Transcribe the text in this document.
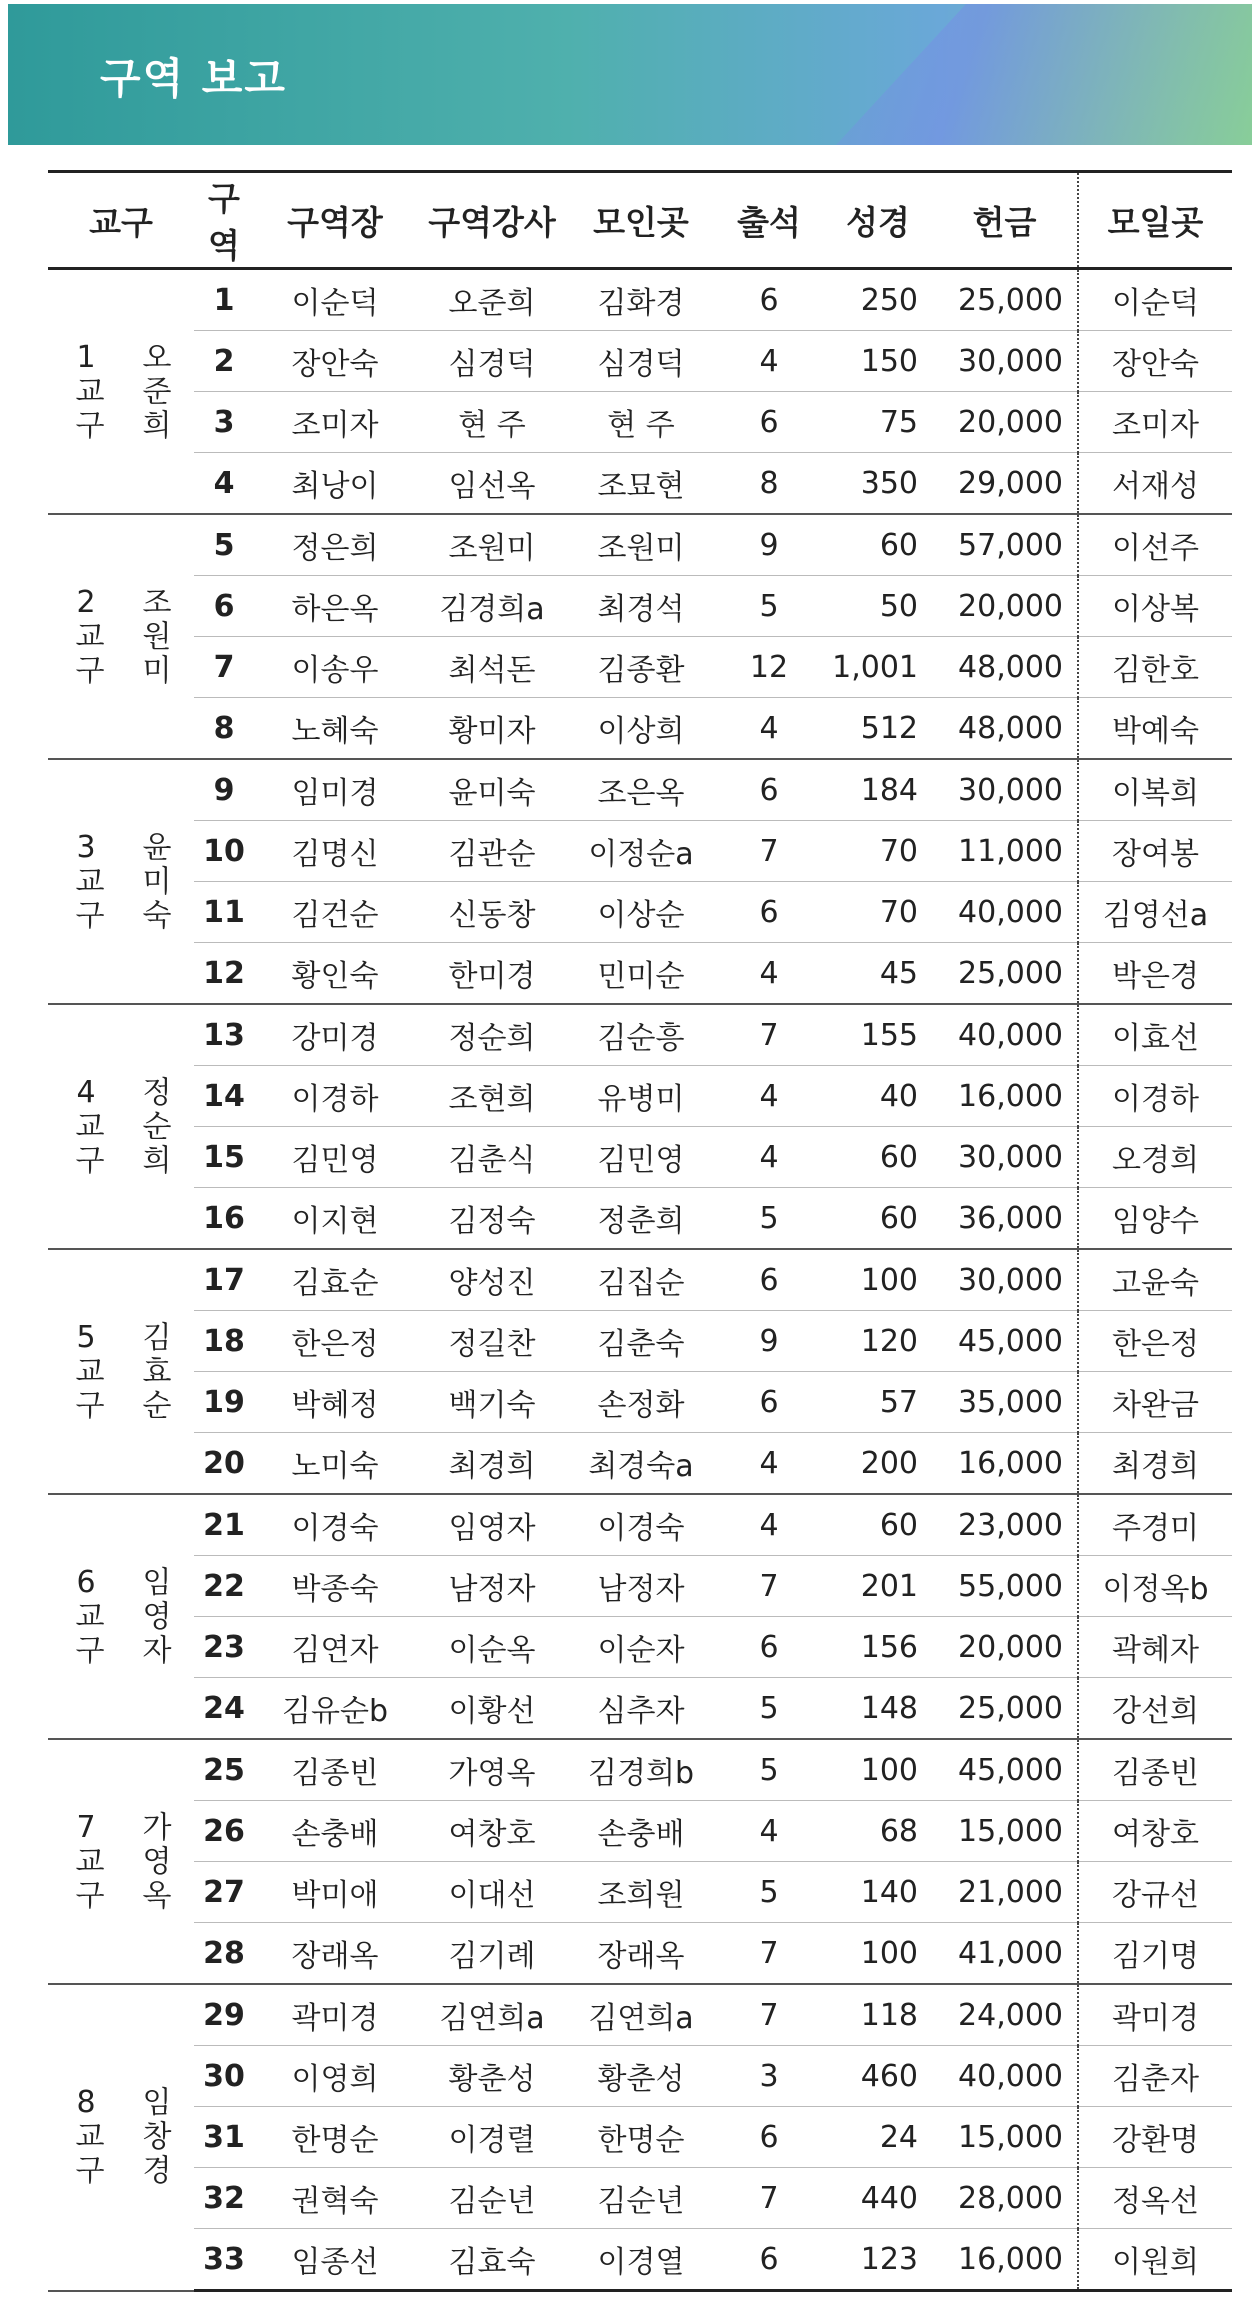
구역 보고
교구	구역	구역장	구역강사	모인곳	출석	성경	헌금	모일곳

1
교구 오준희	1	이순덕	오준희	김화경	6	250	25,000	이순덕
	2	장안숙	심경덕	심경덕	4	150	30,000	장안숙
	3	조미자	현 주	현 주	6	75	20,000	조미자
	4	최낭이	임선옥	조묘현	8	350	29,000	서재성

2
교구 조원미	5	정은희	조원미	조원미	9	60	57,000	이선주
	6	하은옥	김경희a	최경석	5	50	20,000	이상복
	7	이송우	최석돈	김종환	12	1,001	48,000	김한호
	8	노혜숙	황미자	이상희	4	512	48,000	박예숙

3
교구 윤미숙	9	임미경	윤미숙	조은옥	6	184	30,000	이복희
	10	김명신	김관순	이정순a	7	70	11,000	장여봉
	11	김건순	신동창	이상순	6	70	40,000	김영선a
	12	황인숙	한미경	민미순	4	45	25,000	박은경

4
교구 정순희	13	강미경	정순희	김순흥	7	155	40,000	이효선
	14	이경하	조현희	유병미	4	40	16,000	이경하
	15	김민영	김춘식	김민영	4	60	30,000	오경희
	16	이지현	김정숙	정춘희	5	60	36,000	임양수

5
교구 김효순	17	김효순	양성진	김집순	6	100	30,000	고윤숙
	18	한은정	정길찬	김춘숙	9	120	45,000	한은정
	19	박혜정	백기숙	손정화	6	57	35,000	차완금
	20	노미숙	최경희	최경숙a	4	200	16,000	최경희

6
교구 임영자	21	이경숙	임영자	이경숙	4	60	23,000	주경미
	22	박종숙	남정자	남정자	7	201	55,000	이정옥b
	23	김연자	이순옥	이순자	6	156	20,000	곽혜자
	24	김유순b	이황선	심추자	5	148	25,000	강선희

7
교구 가영옥	25	김종빈	가영옥	김경희b	5	100	45,000	김종빈
	26	손충배	여창호	손충배	4	68	15,000	여창호
	27	박미애	이대선	조희원	5	140	21,000	강규선
	28	장래옥	김기례	장래옥	7	100	41,000	김기명

8
교구 임창경	29	곽미경	김연희a	김연희a	7	118	24,000	곽미경
	30	이영희	황춘성	황춘성	3	460	40,000	김춘자
	31	한명순	이경렬	한명순	6	24	15,000	강환명
	32	권혁숙	김순년	김순년	7	440	28,000	정옥선
	33	임종선	김효숙	이경열	6	123	16,000	이원희
